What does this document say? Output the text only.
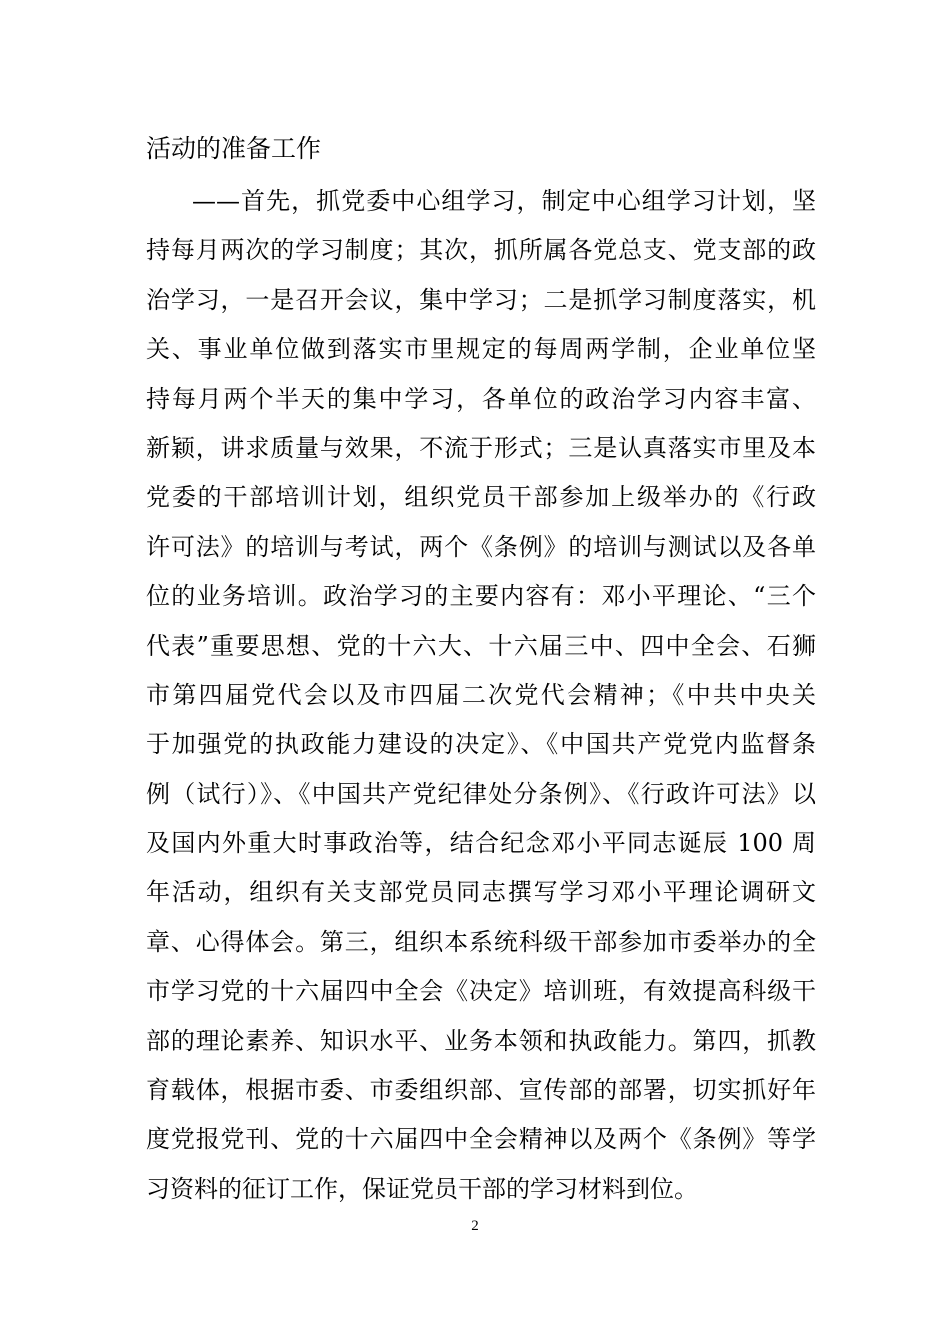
活动的准备工作
——首先，抓党委中心组学习，制定中心组学习计划，坚
持每月两次的学习制度；其次，抓所属各党总支、党支部的政
治学习，一是召开会议，集中学习；二是抓学习制度落实，机
关、事业单位做到落实市里规定的每周两学制，企业单位坚
持每月两个半天的集中学习，各单位的政治学习内容丰富、
新颖，讲求质量与效果，不流于形式；三是认真落实市里及本
党委的干部培训计划，组织党员干部参加上级举办的《行政
许可法》的培训与考试，两个《条例》的培训与测试以及各单
位的业务培训。政治学习的主要内容有：邓小平理论、“三个
代表”重要思想、党的十六大、十六届三中、四中全会、石狮
市第四届党代会以及市四届二次党代会精神；《中共中央关
于加强党的执政能力建设的决定》、《中国共产党党内监督条
例（试行）》、《中国共产党纪律处分条例》、《行政许可法》以
及国内外重大时事政治等，结合纪念邓小平同志诞辰 100 周
年活动，组织有关支部党员同志撰写学习邓小平理论调研文
章、心得体会。第三，组织本系统科级干部参加市委举办的全
市学习党的十六届四中全会《决定》培训班，有效提高科级干
部的理论素养、知识水平、业务本领和执政能力。第四，抓教
育载体，根据市委、市委组织部、宣传部的部署，切实抓好年
度党报党刊、党的十六届四中全会精神以及两个《条例》等学
习资料的征订工作，保证党员干部的学习材料到位。
2
